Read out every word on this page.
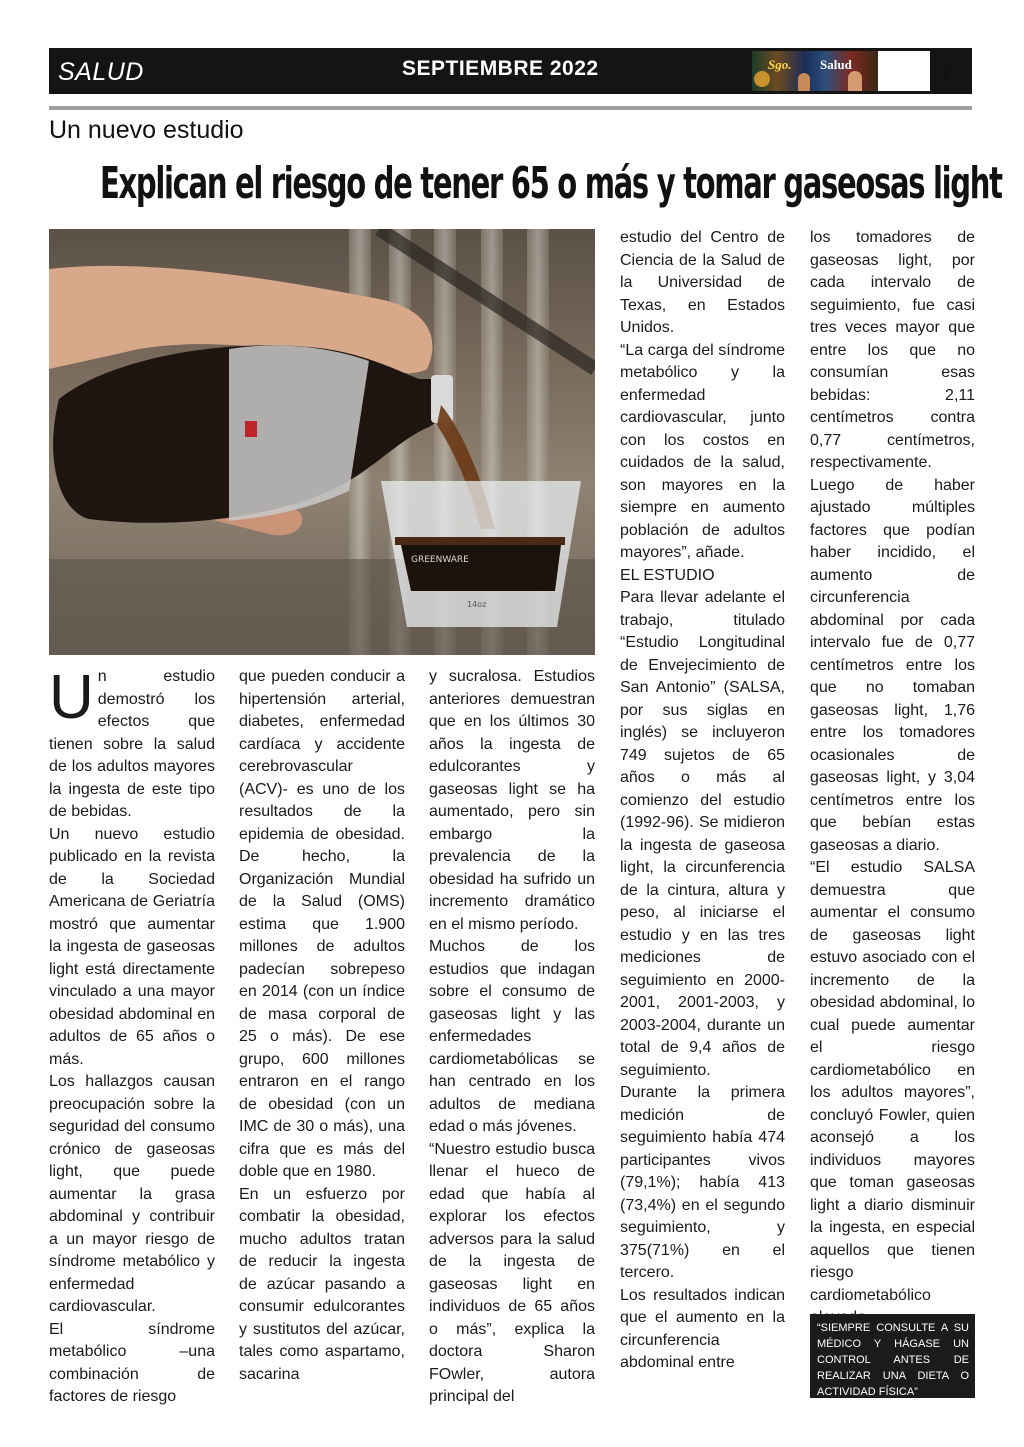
SALUD	SEPTIEMBRE 2022	Sgo. Salud	7
Un nuevo estudio
Explican el riesgo de tener 65 o más y tomar gaseosas light
GREENWARE
14oz

Un estudio demostró los efectos que tienen sobre la salud de los adultos mayores la ingesta de este tipo de bebidas.

Un nuevo estudio publicado en la revista de la Sociedad Americana de Geriatría mostró que aumentar la ingesta de gaseosas light está directamente vinculado a una mayor obesidad abdominal en adultos de 65 años o más.

Los hallazgos causan preocupación sobre la seguridad del consumo crónico de gaseosas light, que puede aumentar la grasa abdominal y contribuir a un mayor riesgo de síndrome metabólico y enfermedad cardiovascular.

El síndrome metabólico –una combinación de factores de riesgo

que pueden conducir a hipertensión arterial, diabetes, enfermedad cardíaca y accidente cerebrovascular (ACV)- es uno de los resultados de la epidemia de obesidad. De hecho, la Organización Mundial de la Salud (OMS) estima que 1.900 millones de adultos padecían sobrepeso en 2014 (con un índice de masa corporal de 25 o más). De ese grupo, 600 millones entraron en el rango de obesidad (con un IMC de 30 o más), una cifra que es más del doble que en 1980.

En un esfuerzo por combatir la obesidad, mucho adultos tratan de reducir la ingesta de azúcar pasando a consumir edulcorantes y sustitutos del azúcar, tales como aspartamo, sacarina

y sucralosa. Estudios anteriores demuestran que en los últimos 30 años la ingesta de edulcorantes y gaseosas light se ha aumentado, pero sin embargo la prevalencia de la obesidad ha sufrido un incremento dramático en el mismo período.

Muchos de los estudios que indagan sobre el consumo de gaseosas light y las enfermedades cardiometabólicas se han centrado en los adultos de mediana edad o más jóvenes.

“Nuestro estudio busca llenar el hueco de edad que había al explorar los efectos adversos para la salud de la ingesta de gaseosas light en individuos de 65 años o más”, explica la doctora Sharon FOwler, autora principal del

estudio del Centro de Ciencia de la Salud de la Universidad de Texas, en Estados Unidos.

“La carga del síndrome metabólico y la enfermedad cardiovascular, junto con los costos en cuidados de la salud, son mayores en la siempre en aumento población de adultos mayores”, añade.

EL ESTUDIO

Para llevar adelante el trabajo, titulado “Estudio Longitudinal de Envejecimiento de San Antonio” (SALSA, por sus siglas en inglés) se incluyeron 749 sujetos de 65 años o más al comienzo del estudio (1992-96). Se midieron la ingesta de gaseosa light, la circunferencia de la cintura, altura y peso, al iniciarse el estudio y en las tres mediciones de seguimiento en 2000-2001, 2001-2003, y 2003-2004, durante un total de 9,4 años de seguimiento.

Durante la primera medición de seguimiento había 474 participantes vivos (79,1%); había 413 (73,4%) en el segundo seguimiento, y 375(71%) en el tercero.

Los resultados indican que el aumento en la circunferencia abdominal entre

los tomadores de gaseosas light, por cada intervalo de seguimiento, fue casi tres veces mayor que entre los que no consumían esas bebidas: 2,11 centímetros contra 0,77 centímetros, respectivamente.

Luego de haber ajustado múltiples factores que podían haber incidido, el aumento de circunferencia abdominal por cada intervalo fue de 0,77 centímetros entre los que no tomaban gaseosas light, 1,76 entre los tomadores ocasionales de gaseosas light, y 3,04 centímetros entre los que bebían estas gaseosas a diario.

“El estudio SALSA demuestra que aumentar el consumo de gaseosas light estuvo asociado con el incremento de la obesidad abdominal, lo cual puede aumentar el riesgo cardiometabólico en los adultos mayores”, concluyó Fowler, quien aconsejó a los individuos mayores que toman gaseosas light a diario disminuir la ingesta, en especial aquellos que tienen riesgo cardiometabólico

“SIEMPRE CONSULTE A SU MÉDICO Y HÁGASE UN CONTROL ANTES DE REALIZAR UNA DIETA O ACTIVIDAD FÍSICA”
